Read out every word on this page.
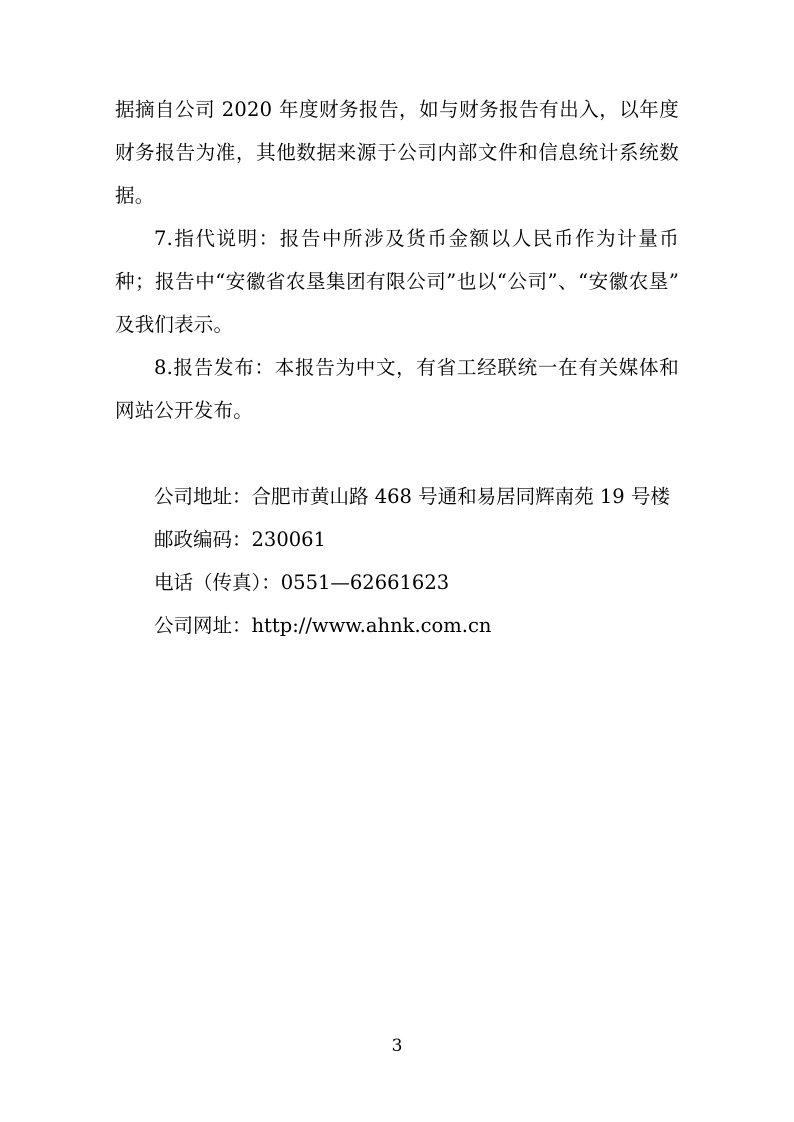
据摘自公司 2020 年度财务报告，如与财务报告有出入，以年度财务报告为准，其他数据来源于公司内部文件和信息统计系统数据。

7.指代说明：报告中所涉及货币金额以人民币作为计量币种；报告中“安徽省农垦集团有限公司”也以“公司”、“安徽农垦”及我们表示。

8.报告发布：本报告为中文，有省工经联统一在有关媒体和网站公开发布。

公司地址：合肥市黄山路 468 号通和易居同辉南苑 19 号楼

邮政编码：230061

电话（传真）：0551—62661623

公司网址：http://www.ahnk.com.cn

3
